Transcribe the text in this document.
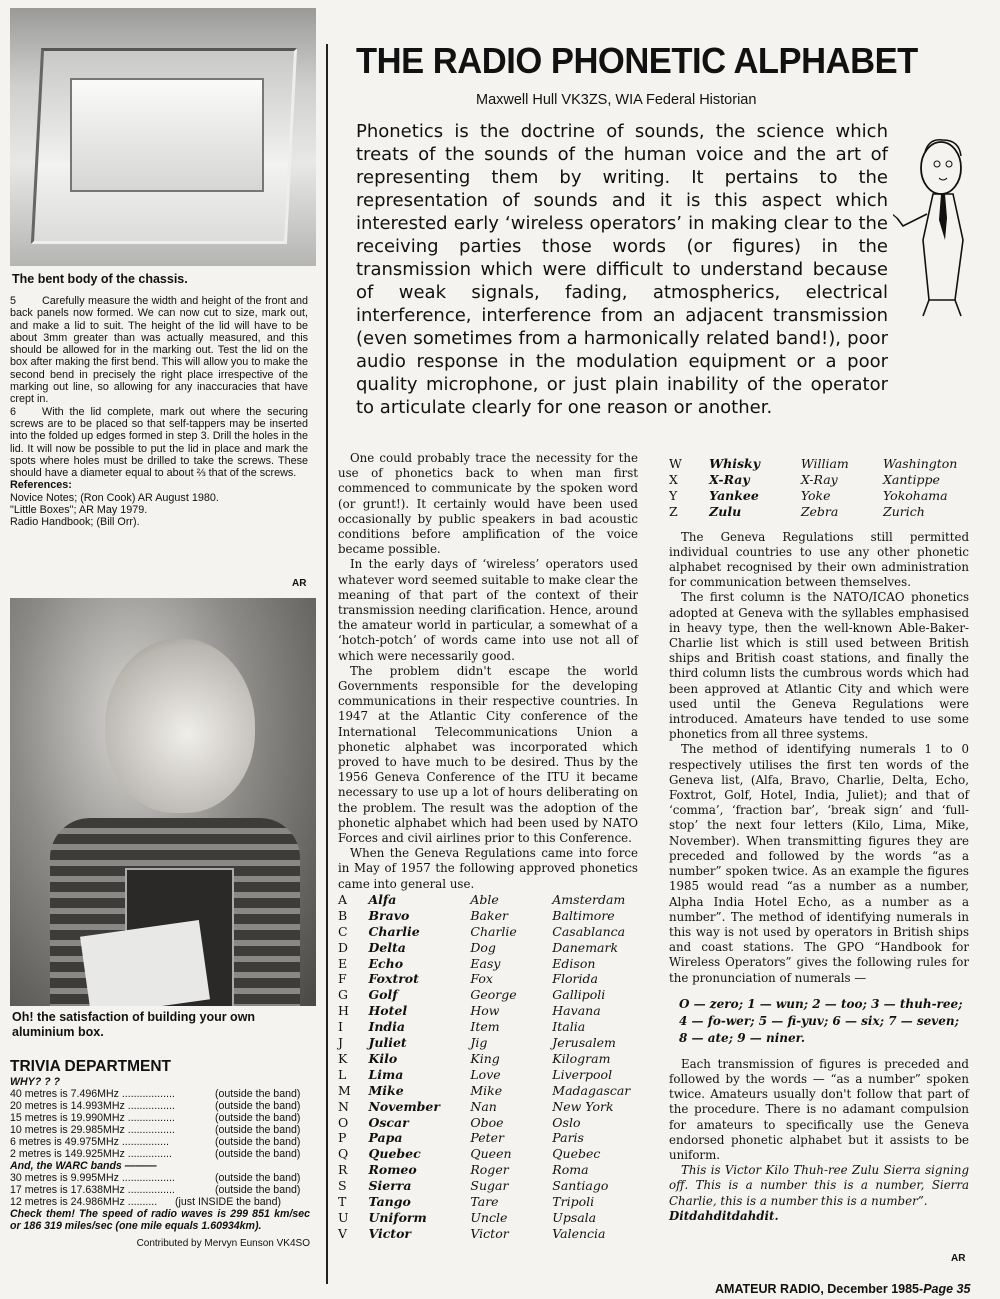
The bent body of the chassis.

5 Carefully measure the width and height of the front and back panels now formed. We can now cut to size, mark out, and make a lid to suit. The height of the lid will have to be about 3mm greater than was actually measured, and this should be allowed for in the marking out. Test the lid on the box after making the first bend. This will allow you to make the second bend in precisely the right place irrespective of the marking out line, so allowing for any inaccuracies that have crept in.

6 With the lid complete, mark out where the securing screws are to be placed so that self-tappers may be inserted into the folded up edges formed in step 3. Drill the holes in the lid. It will now be possible to put the lid in place and mark the spots where holes must be drilled to take the screws. These should have a diameter equal to about ⅔ that of the screws.

References:

Novice Notes; (Ron Cook) AR August 1980.

"Little Boxes"; AR May 1979.

Radio Handbook; (Bill Orr).

AR
Oh! the satisfaction of building your own aluminium box.
TRIVIA DEPARTMENT
WHY? ? ?
40 metres is 7.496MHz ..................	(outside the band)
20 metres is 14.993MHz ................	(outside the band)
15 metres is 19.990MHz ................	(outside the band)
10 metres is 29.985MHz ................	(outside the band)
6 metres is 49.975MHz ................	(outside the band)
2 metres is 149.925MHz ...............	(outside the band)
And, the WARC bands ———
30 metres is 9.995MHz ..................	(outside the band)
17 metres is 17.638MHz ................	(outside the band)
12 metres is 24.986MHz ..........	(just INSIDE the band)
Check them! The speed of radio waves is 299 851 km/sec or 186 319 miles/sec (one mile equals 1.60934km).
Contributed by Mervyn Eunson VK4SO
THE RADIO PHONETIC ALPHABET
Maxwell Hull VK3ZS, WIA Federal Historian
Phonetics is the doctrine of sounds, the science which treats of the sounds of the human voice and the art of representing them by writing. It pertains to the representation of sounds and it is this aspect which interested early ‘wireless operators’ in making clear to the receiving parties those words (or figures) in the transmission which were difficult to understand because of weak signals, fading, atmospherics, electrical interference, interference from an adjacent transmission (even sometimes from a harmonically related band!), poor audio response in the modulation equipment or a poor quality microphone, or just plain inability of the operator to articulate clearly for one reason or another.

One could probably trace the necessity for the use of phonetics back to when man first commenced to communicate by the spoken word (or grunt!). It certainly would have been used occasionally by public speakers in bad acoustic conditions before amplification of the voice became possible.

In the early days of ‘wireless’ operators used whatever word seemed suitable to make clear the meaning of that part of the context of their transmission needing clarification. Hence, around the amateur world in particular, a somewhat of a ‘hotch-potch’ of words came into use not all of which were necessarily good.

The problem didn't escape the world Governments responsible for the developing communications in their respective countries. In 1947 at the Atlantic City conference of the International Telecommunications Union a phonetic alphabet was incorporated which proved to have much to be desired. Thus by the 1956 Geneva Conference of the ITU it became necessary to use up a lot of hours deliberating on the problem. The result was the adoption of the phonetic alphabet which had been used by NATO Forces and civil airlines prior to this Conference.

When the Geneva Regulations came into force in May of 1957 the following approved phonetics came into general use.

A	Alfa	Able	Amsterdam
B	Bravo	Baker	Baltimore
C	Charlie	Charlie	Casablanca
D	Delta	Dog	Danemark
E	Echo	Easy	Edison
F	Foxtrot	Fox	Florida
G	Golf	George	Gallipoli
H	Hotel	How	Havana
I	India	Item	Italia
J	Juliet	Jig	Jerusalem
K	Kilo	King	Kilogram
L	Lima	Love	Liverpool
M	Mike	Mike	Madagascar
N	November	Nan	New York
O	Oscar	Oboe	Oslo
P	Papa	Peter	Paris
Q	Quebec	Queen	Quebec
R	Romeo	Roger	Roma
S	Sierra	Sugar	Santiago
T	Tango	Tare	Tripoli
U	Uniform	Uncle	Upsala
V	Victor	Victor	Valencia
W	Whisky	William	Washington
X	X-Ray	X-Ray	Xantippe
Y	Yankee	Yoke	Yokohama
Z	Zulu	Zebra	Zurich

The Geneva Regulations still permitted individual countries to use any other phonetic alphabet recognised by their own administration for communication between themselves.

The first column is the NATO/ICAO phonetics adopted at Geneva with the syllables emphasised in heavy type, then the well-known Able-Baker-Charlie list which is still used between British ships and British coast stations, and finally the third column lists the cumbrous words which had been approved at Atlantic City and which were used until the Geneva Regulations were introduced. Amateurs have tended to use some phonetics from all three systems.

The method of identifying numerals 1 to 0 respectively utilises the first ten words of the Geneva list, (Alfa, Bravo, Charlie, Delta, Echo, Foxtrot, Golf, Hotel, India, Juliet); and that of ‘comma’, ‘fraction bar’, ‘break sign’ and ‘full-stop’ the next four letters (Kilo, Lima, Mike, November). When transmitting figures they are preceded and followed by the words “as a number” spoken twice. As an example the figures 1985 would read “as a number as a number, Alpha India Hotel Echo, as a number as a number”. The method of identifying numerals in this way is not used by operators in British ships and coast stations. The GPO “Handbook for Wireless Operators” gives the following rules for the pronunciation of numerals —

O — zero; 1 — wun; 2 — too; 3 — thuh-ree;
4 — fo-wer; 5 — fi-yuv; 6 — six; 7 — seven;
8 — ate; 9 — niner.

Each transmission of figures is preceded and followed by the words — “as a number” spoken twice. Amateurs usually don't follow that part of the procedure. There is no adamant compulsion for amateurs to specifically use the Geneva endorsed phonetic alphabet but it assists to be uniform.

This is Victor Kilo Thuh-ree Zulu Sierra signing off. This is a number this is a number, Sierra Charlie, this is a number this is a number”.

Ditdahditdahdit.

AR
AMATEUR RADIO, December 1985-Page 35
